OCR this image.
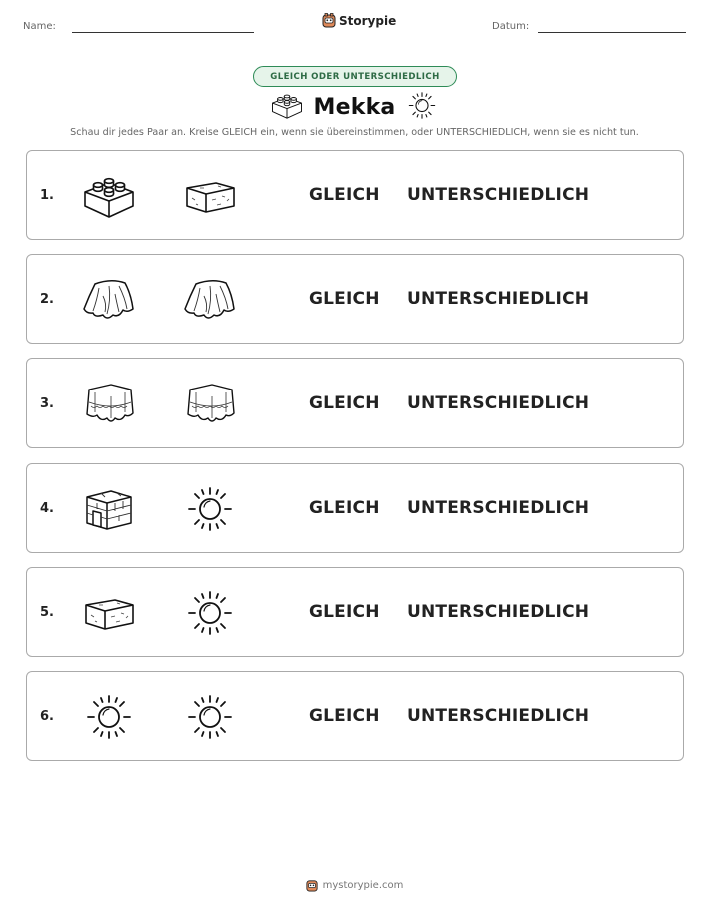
Name:	Storypie	Datum:
GLEICH ODER UNTERSCHIEDLICH
Mekka
Schau dir jedes Paar an. Kreise GLEICH ein, wenn sie übereinstimmen, oder UNTERSCHIEDLICH, wenn sie es nicht tun.
1.	GLEICH UNTERSCHIEDLICH
2.	GLEICH UNTERSCHIEDLICH
3.	GLEICH UNTERSCHIEDLICH
4.	GLEICH UNTERSCHIEDLICH
5.	GLEICH UNTERSCHIEDLICH
6.	GLEICH UNTERSCHIEDLICH
mystorypie.com
